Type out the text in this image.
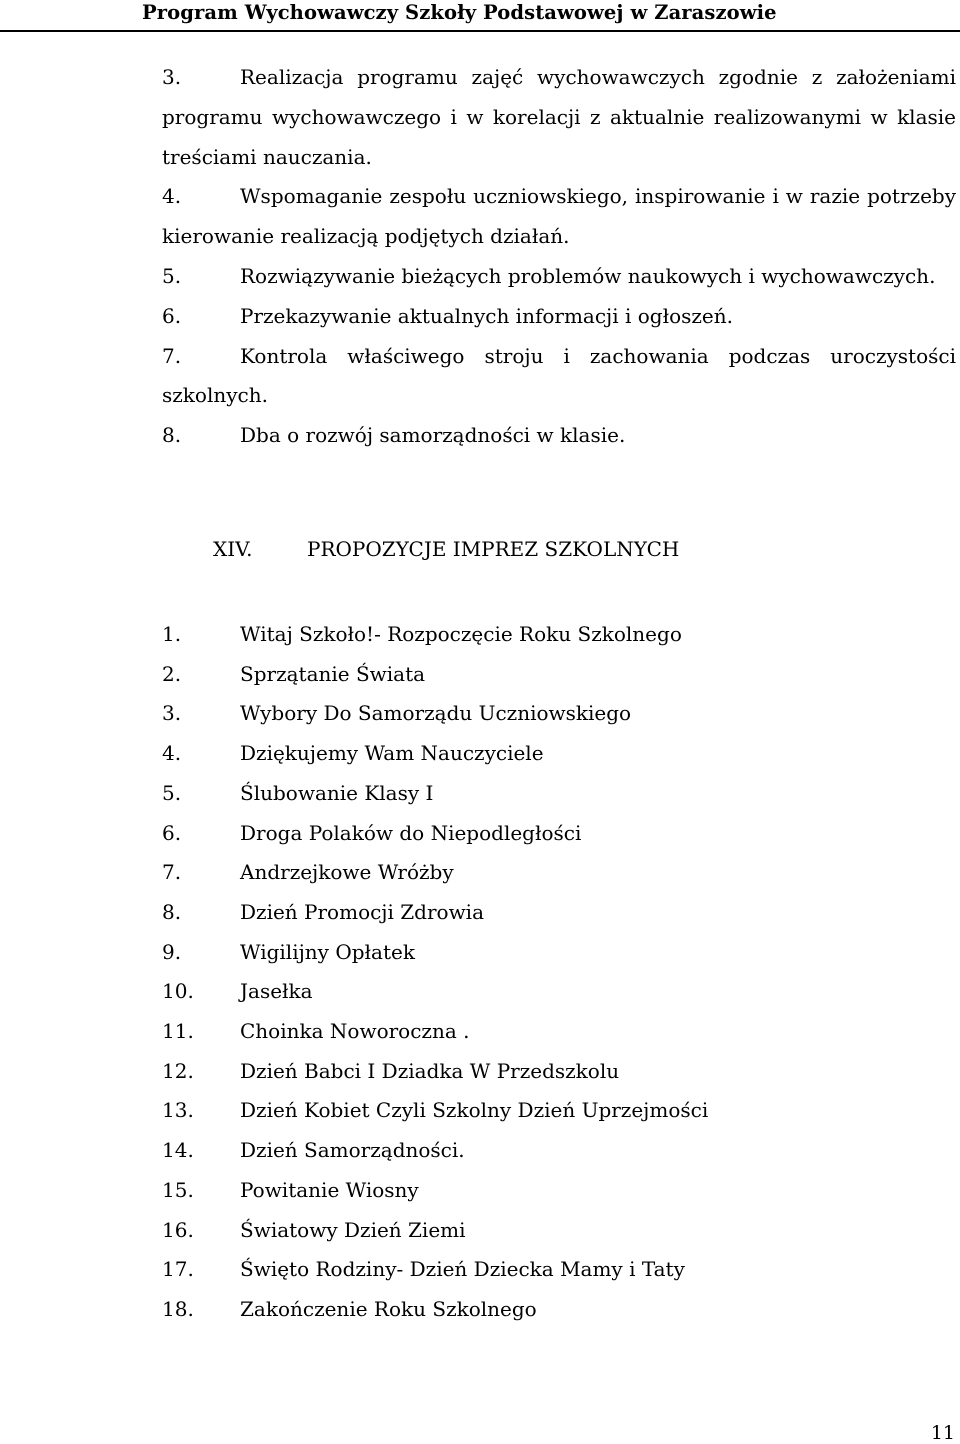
Program Wychowawczy Szkoły Podstawowej w Zaraszowie

3.	Realizacja programu zajęć wychowawczych zgodnie z założeniami programu wychowawczego i w korelacji z aktualnie realizowanymi w klasie treściami nauczania.

4.	Wspomaganie zespołu uczniowskiego, inspirowanie i w razie potrzeby kierowanie realizacją podjętych działań.

5.	Rozwiązywanie bieżących problemów naukowych i wychowawczych.

6.	Przekazywanie aktualnych informacji i ogłoszeń.

7.	Kontrola właściwego stroju i zachowania podczas uroczystości szkolnych.

8.	Dba o rozwój samorządności w klasie.

XIV.	PROPOZYCJE IMPREZ SZKOLNYCH
1.	Witaj Szkoło!- Rozpoczęcie Roku Szkolnego
2.	Sprzątanie Świata
3.	Wybory Do Samorządu Uczniowskiego
4.	Dziękujemy Wam Nauczyciele
5.	Ślubowanie Klasy I
6.	Droga Polaków do Niepodległości
7.	Andrzejkowe Wróżby
8.	Dzień Promocji Zdrowia
9.	Wigilijny Opłatek
10. Jasełka
11. Choinka Noworoczna .
12. Dzień Babci I Dziadka W Przedszkolu
13. Dzień Kobiet Czyli Szkolny Dzień Uprzejmości
14. Dzień Samorządności.
15. Powitanie Wiosny
16. Światowy Dzień Ziemi
17. Święto Rodziny- Dzień Dziecka Mamy i Taty
18. Zakończenie Roku Szkolnego
11
